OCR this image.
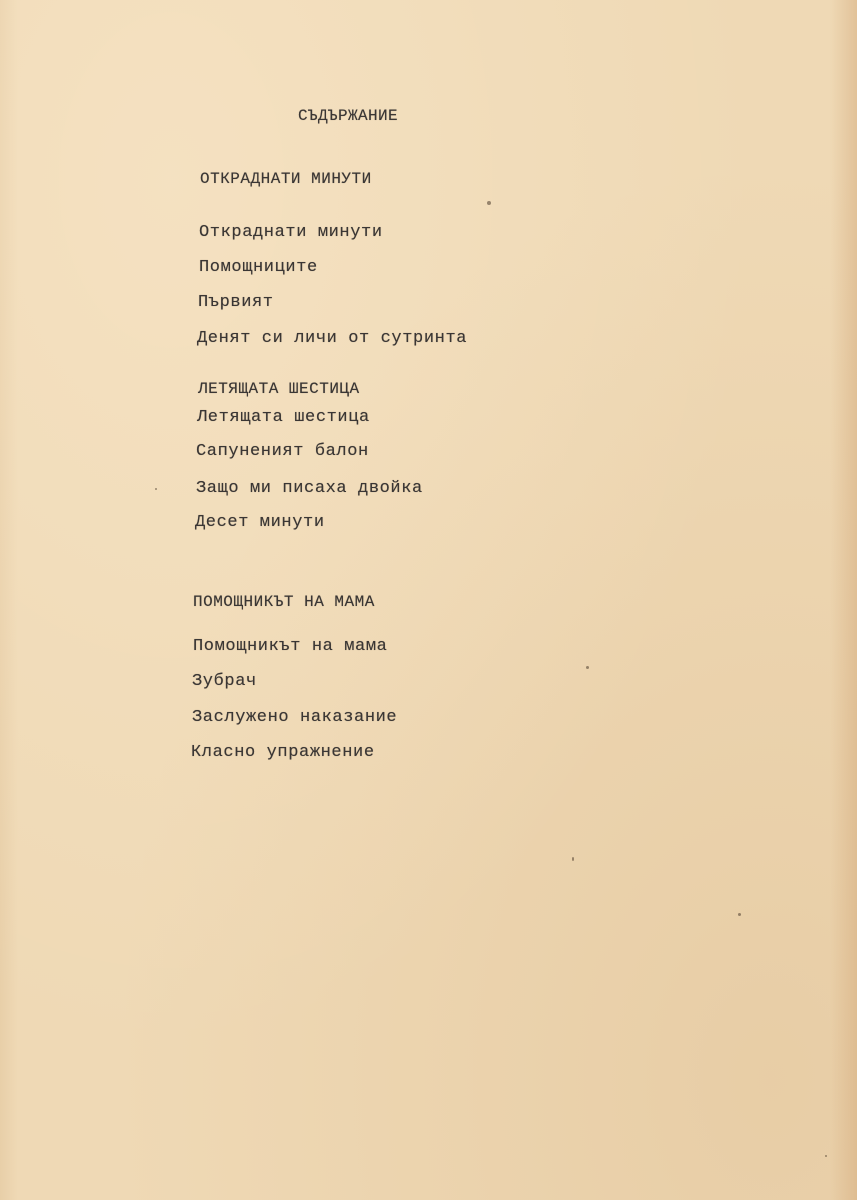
СЪДЪРЖАНИЕ
ОТКРАДНАТИ МИНУТИ
Откраднати минути
Помощниците
Първият
Денят си личи от сутринта
ЛЕТЯЩАТА ШЕСТИЦА
Летящата шестица
Сапуненият балон
Защо ми писаха двойка
Десет минути
ПОМОЩНИКЪТ НА МАМА
Помощникът на мама
Зубрач
Заслужено наказание
Класно упражнение
